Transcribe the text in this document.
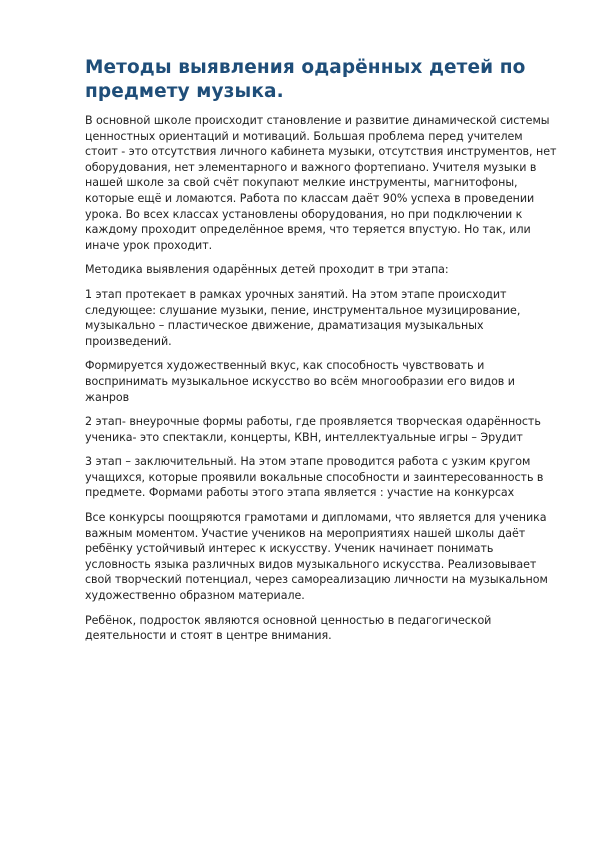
Методы выявления одарённых детей по предмету музыка.

В основной школе происходит становление и развитие динамической системы ценностных ориентаций и мотиваций. Большая проблема перед учителем стоит - это отсутствия личного кабинета музыки, отсутствия инструментов, нет оборудования, нет элементарного и важного фортепиано. Учителя музыки в нашей школе за свой счёт покупают мелкие инструменты, магнитофоны, которые ещё и ломаются. Работа по классам даёт 90% успеха в проведении урока. Во всех классах установлены оборудования, но при подключении к каждому проходит определённое время, что теряется впустую. Но так, или иначе урок проходит.

Методика выявления одарённых детей проходит в три этапа:

1 этап протекает в рамках урочных занятий. На этом этапе происходит следующее: слушание музыки, пение, инструментальное музицирование, музыкально – пластическое движение, драматизация музыкальных произведений.

Формируется художественный вкус, как способность чувствовать и воспринимать музыкальное искусство во всём многообразии его видов и жанров

2 этап- внеурочные формы работы, где проявляется творческая одарённость ученика- это спектакли, концерты, КВН, интеллектуальные игры – Эрудит

3 этап – заключительный. На этом этапе проводится работа с узким кругом учащихся, которые проявили вокальные способности и заинтересованность в предмете. Формами работы этого этапа является : участие на конкурсах

Все конкурсы поощряются грамотами и дипломами, что является для ученика важным моментом. Участие учеников на мероприятиях нашей школы даёт ребёнку устойчивый интерес к искусству. Ученик начинает понимать условность языка различных видов музыкального искусства. Реализовывает свой творческий потенциал, через самореализацию личности на музыкальном художественно образном материале.

Ребёнок, подросток являются основной ценностью в педагогической деятельности и стоят в центре внимания.
